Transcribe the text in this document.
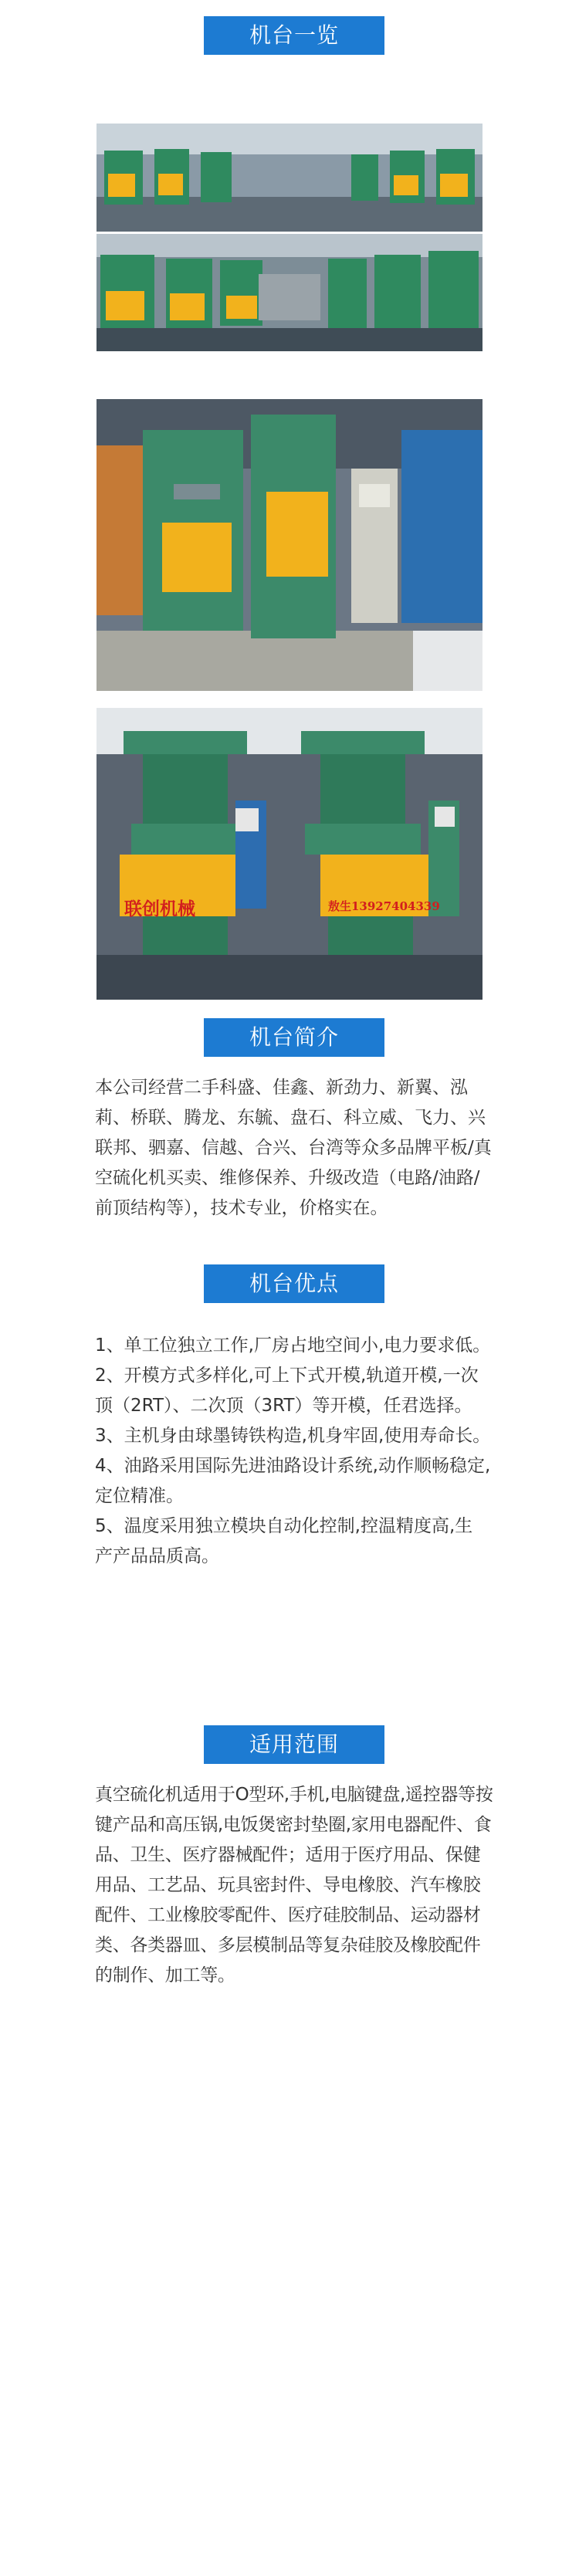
机台一览
联创机械	敖生13927404339
机台简介

本公司经营二手科盛、佳鑫、新劲力、新翼、泓莉、桥联、腾龙、东毓、盘石、科立威、飞力、兴联邦、驷嘉、信越、合兴、台湾等众多品牌平板/真空硫化机买卖、维修保养、升级改造（电路/油路/前顶结构等），技术专业，价格实在。

机台优点

1、单工位独立工作,厂房占地空间小,电力要求低。

2、开模方式多样化,可上下式开模,轨道开模,一次顶（2RT）、二次顶（3RT）等开模，任君选择。

3、主机身由球墨铸铁构造,机身牢固,使用寿命长。

4、油路采用国际先进油路设计系统,动作顺畅稳定,定位精准。

5、温度采用独立模块自动化控制,控温精度高,生 产产品品质高。

适用范围

真空硫化机适用于O型环,手机,电脑键盘,遥控器等按键产品和高压锅,电饭煲密封垫圈,家用电器配件、食品、卫生、医疗器械配件；适用于医疗用品、保健用品、工艺品、玩具密封件、导电橡胶、汽车橡胶配件、工业橡胶零配件、医疗硅胶制品、运动器材类、各类器皿、多层模制品等复杂硅胶及橡胶配件的制作、加工等。
